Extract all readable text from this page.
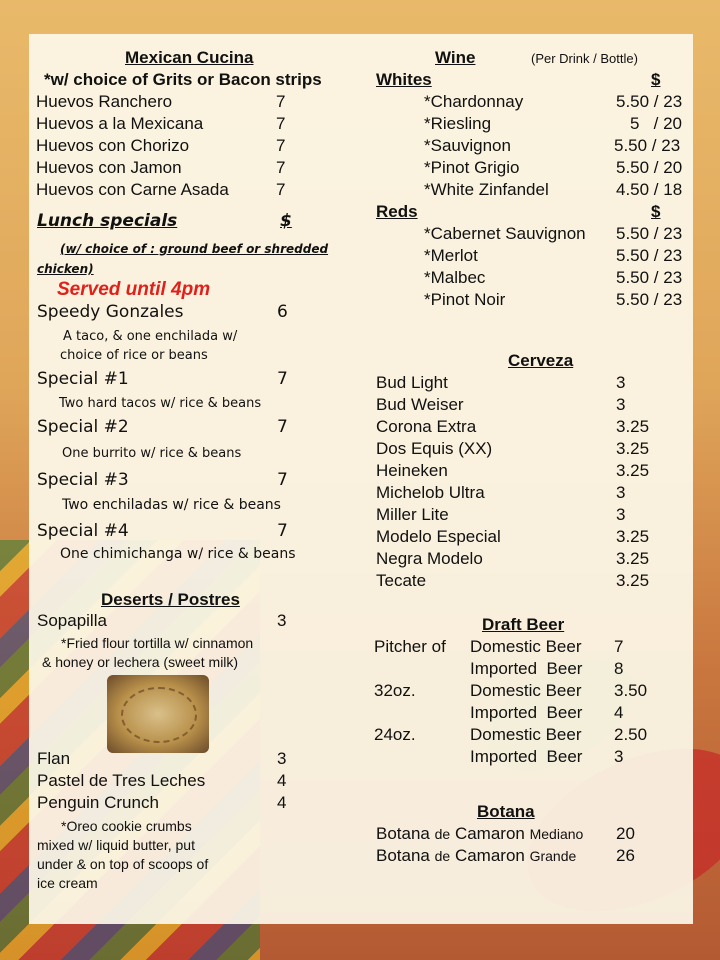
Mexican Cucina
*w/ choice of Grits or Bacon strips
Huevos Ranchero	7
Huevos a la Mexicana	7
Huevos con Chorizo	7
Huevos con Jamon	7
Huevos con Carne Asada	7
Lunch specials	$
(w/ choice of : ground beef or shredded
chicken)
Served until 4pm
Speedy Gonzales	6
A taco, & one enchilada w/
choice of rice or beans
Special #1	7
Two hard tacos w/ rice & beans
Special #2	7
One burrito w/ rice & beans
Special #3	7
Two enchiladas w/ rice & beans
Special #4	7
One chimichanga w/ rice & beans
Deserts / Postres
Sopapilla	3
*Fried flour tortilla w/ cinnamon
& honey or lechera (sweet milk)
Flan	3
Pastel de Tres Leches	4
Penguin Crunch	4
*Oreo cookie crumbs
mixed w/ liquid butter, put
under & on top of scoops of
ice cream
Wine	(Per Drink / Bottle)
Whites	$
*Chardonnay	5.50 / 23
*Riesling	5   / 20
*Sauvignon	5.50 / 23
*Pinot Grigio	5.50 / 20
*White Zinfandel	4.50 / 18
Reds	$
*Cabernet Sauvignon 5.50 / 23
*Merlot	5.50 / 23
*Malbec	5.50 / 23
*Pinot Noir	5.50 / 23
Cerveza
Bud Light	3
Bud Weiser	3
Corona Extra	3.25
Dos Equis (XX)	3.25
Heineken	3.25
Michelob Ultra	3
Miller Lite	3
Modelo Especial	3.25
Negra Modelo	3.25
Tecate	3.25
Draft Beer
Pitcher of Domestic Beer 7
Imported  Beer 8
32oz.	Domestic Beer 3.50
Imported  Beer 4
24oz.	Domestic Beer 2.50
Imported  Beer 3
Botana
Botana de Camaron Mediano 20
Botana de Camaron Grande 26
